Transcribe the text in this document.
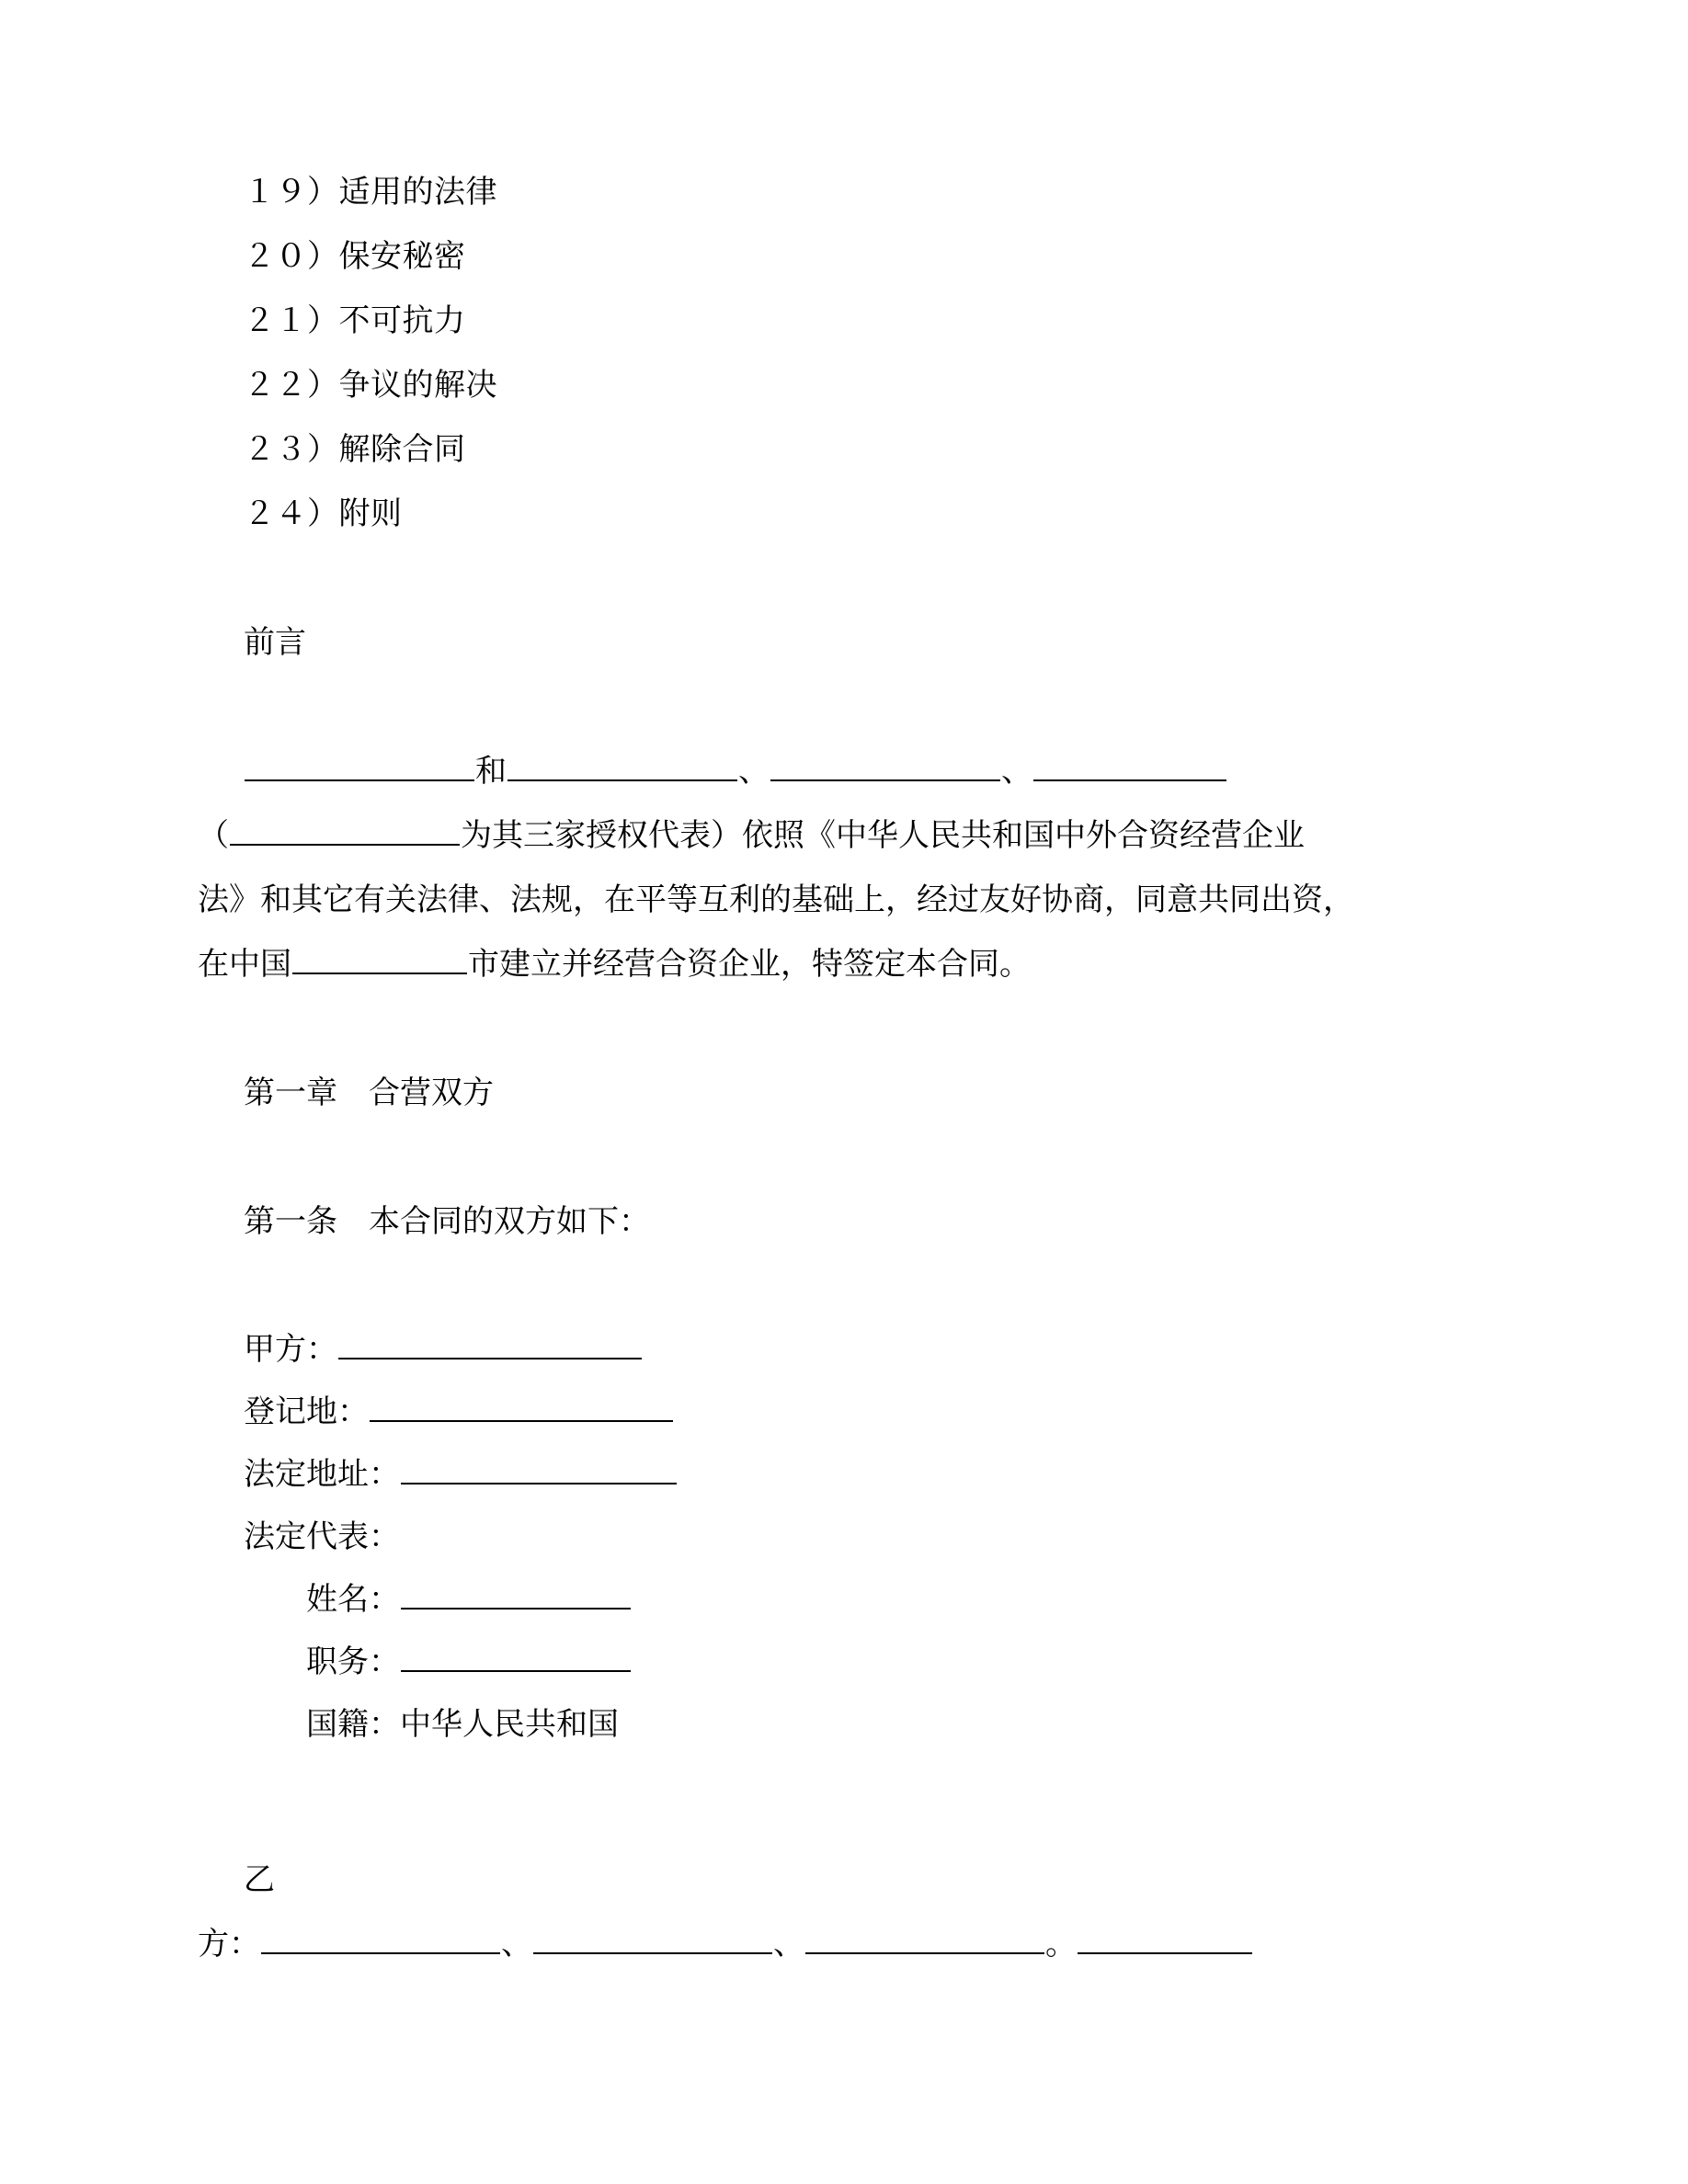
１９）适用的法律
２０）保安秘密
２１）不可抗力
２２）争议的解决
２３）解除合同
２４）附则
前言
和	、	、
（	为其三家授权代表）依照《中华人民共和国中外合资经营企业
法》和其它有关法律、法规，在平等互利的基础上，经过友好协商，同意共同出资，
在中国	市建立并经营合资企业，特签定本合同。
第一章 合营双方
第一条 本合同的双方如下：
甲方：
登记地：
法定地址：
法定代表：
姓名：
职务：
国籍：中华人民共和国
乙
方：	、	、	。
